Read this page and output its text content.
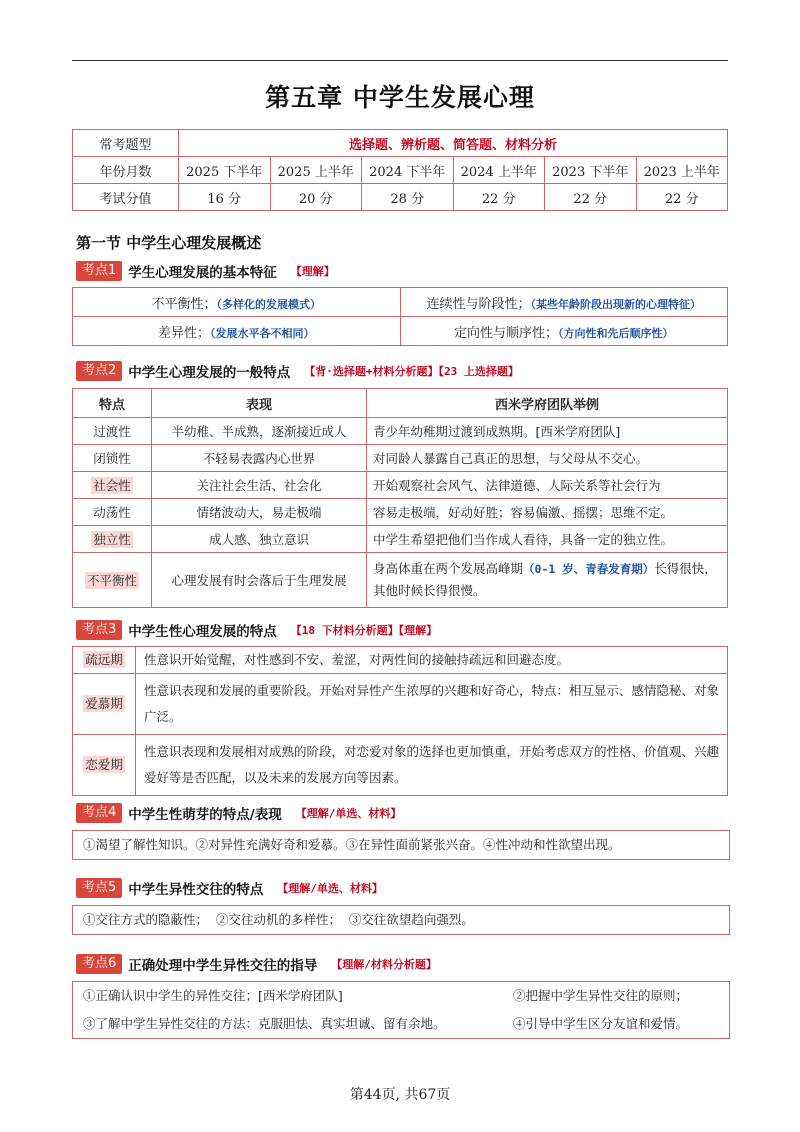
第五章 中学生发展心理
常考题型	选择题、辨析题、简答题、材料分析					
年份月数	2025 下半年	2025 上半年	2024 下半年	2024 上半年	2023 下半年	2023 上半年
考试分值	16 分	20 分	28 分	22 分	22 分	22 分
第一节 中学生心理发展概述
考点1 学生心理发展的基本特征 【理解】
不平衡性；（多样化的发展模式）	连续性与阶段性；（某些年龄阶段出现新的心理特征）
差异性；（发展水平各不相同）	定向性与顺序性；（方向性和先后顺序性）
考点2 中学生心理发展的一般特点 【背·选择题+材料分析题】【23 上选择题】
特点	表现	西米学府团队举例
过渡性	半幼稚、半成熟，逐渐接近成人	青少年幼稚期过渡到成熟期。[西米学府团队]
闭锁性	不轻易表露内心世界	对同龄人暴露自己真正的思想，与父母从不交心。
社会性	关注社会生活、社会化	开始观察社会风气、法律道德、人际关系等社会行为
动荡性	情绪波动大，易走极端	容易走极端，好动好胜；容易偏激、摇摆；思维不定。
独立性	成人感、独立意识	中学生希望把他们当作成人看待，具备一定的独立性。
不平衡性	心理发展有时会落后于生理发展	身高体重在两个发展高峰期（0-1 岁、青春发育期）长得很快，其他时候长得很慢。
考点3 中学生性心理发展的特点 【18 下材料分析题】【理解】
疏远期	性意识开始觉醒，对性感到不安、羞涩，对两性间的接触持疏远和回避态度。
爱慕期	性意识表现和发展的重要阶段。开始对异性产生浓厚的兴趣和好奇心，特点：相互显示、感情隐秘、对象广泛。
恋爱期	性意识表现和发展相对成熟的阶段，对恋爱对象的选择也更加慎重，开始考虑双方的性格、价值观、兴趣爱好等是否匹配，以及未来的发展方向等因素。
考点4 中学生性萌芽的特点/表现 【理解/单选、材料】
①渴望了解性知识。②对异性充满好奇和爱慕。③在异性面前紧张兴奋。④性冲动和性欲望出现。
考点5 中学生异性交往的特点 【理解/单选、材料】
①交往方式的隐蔽性；  ②交往动机的多样性；  ③交往欲望趋向强烈。
考点6 正确处理中学生异性交往的指导 【理解/材料分析题】
①正确认识中学生的异性交往；[西米学府团队]	②把握中学生异性交往的原则；
③了解中学生异性交往的方法：克服胆怯、真实坦诚、留有余地。	④引导中学生区分友谊和爱情。
第44页, 共67页
